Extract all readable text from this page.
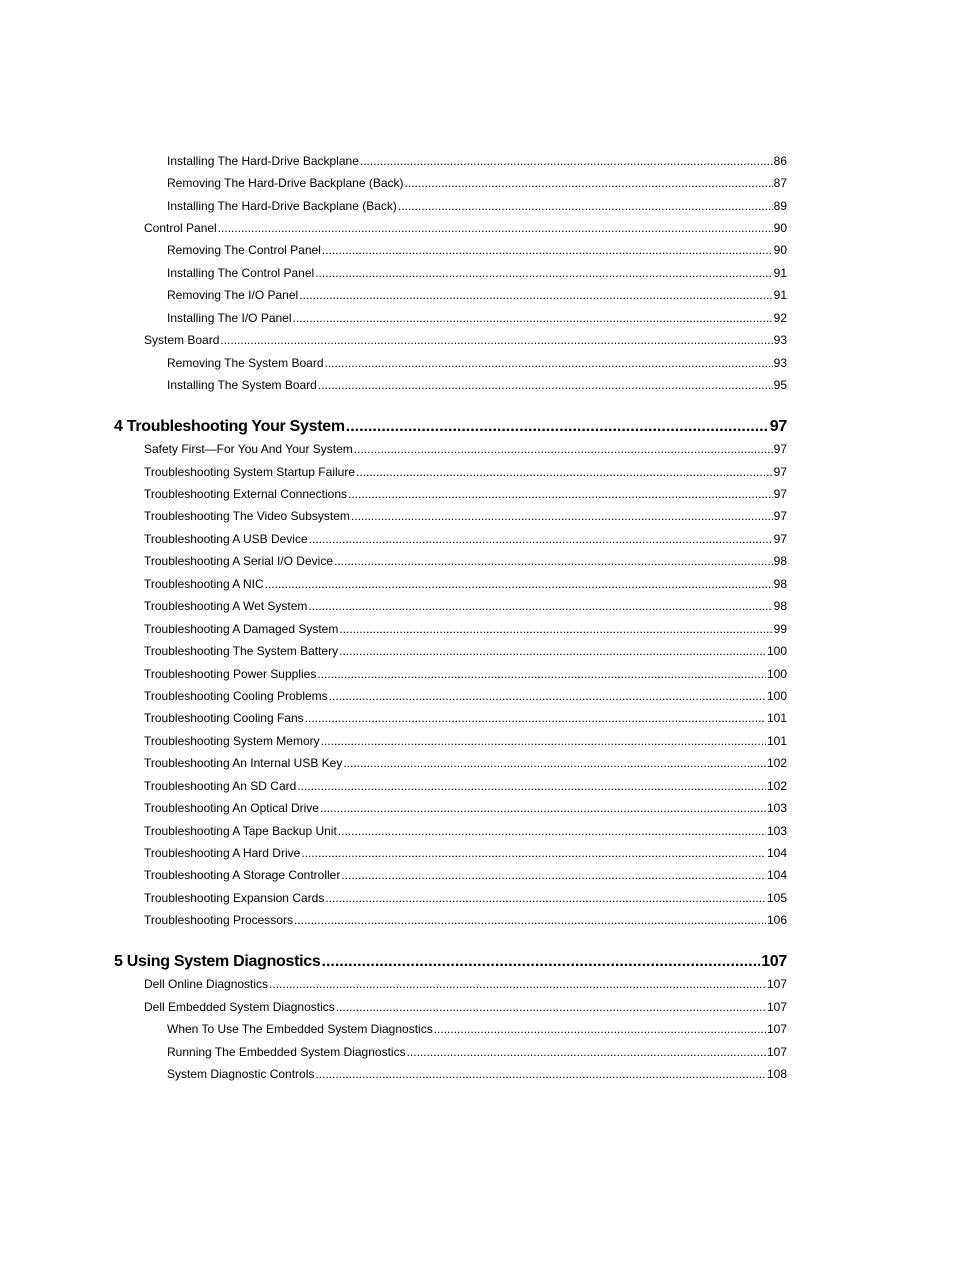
Installing The Hard-Drive Backplane .....	86
Removing The Hard-Drive Backplane (Back) .....	87
Installing The Hard-Drive Backplane (Back) .....	89
Control Panel .....	90
Removing The Control Panel .....	90
Installing The Control Panel .....	91
Removing The I/O Panel .....	91
Installing The I/O Panel .....	92
System Board .....	93
Removing The System Board .....	93
Installing The System Board .....	95
4 Troubleshooting Your System .....	97
Safety First—For You And Your System .....	97
Troubleshooting System Startup Failure .....	97
Troubleshooting External Connections .....	97
Troubleshooting The Video Subsystem .....	97
Troubleshooting A USB Device .....	97
Troubleshooting A Serial I/O Device .....	98
Troubleshooting A NIC .....	98
Troubleshooting A Wet System .....	98
Troubleshooting A Damaged System .....	99
Troubleshooting The System Battery .....	100
Troubleshooting Power Supplies .....	100
Troubleshooting Cooling Problems .....	100
Troubleshooting Cooling Fans .....	101
Troubleshooting System Memory .....	101
Troubleshooting An Internal USB Key .....	102
Troubleshooting An SD Card .....	102
Troubleshooting An Optical Drive .....	103
Troubleshooting A Tape Backup Unit .....	103
Troubleshooting A Hard Drive .....	104
Troubleshooting A Storage Controller .....	104
Troubleshooting Expansion Cards .....	105
Troubleshooting Processors .....	106
5 Using System Diagnostics .....	107
Dell Online Diagnostics .....	107
Dell Embedded System Diagnostics .....	107
When To Use The Embedded System Diagnostics .....	107
Running The Embedded System Diagnostics .....	107
System Diagnostic Controls .....	108
